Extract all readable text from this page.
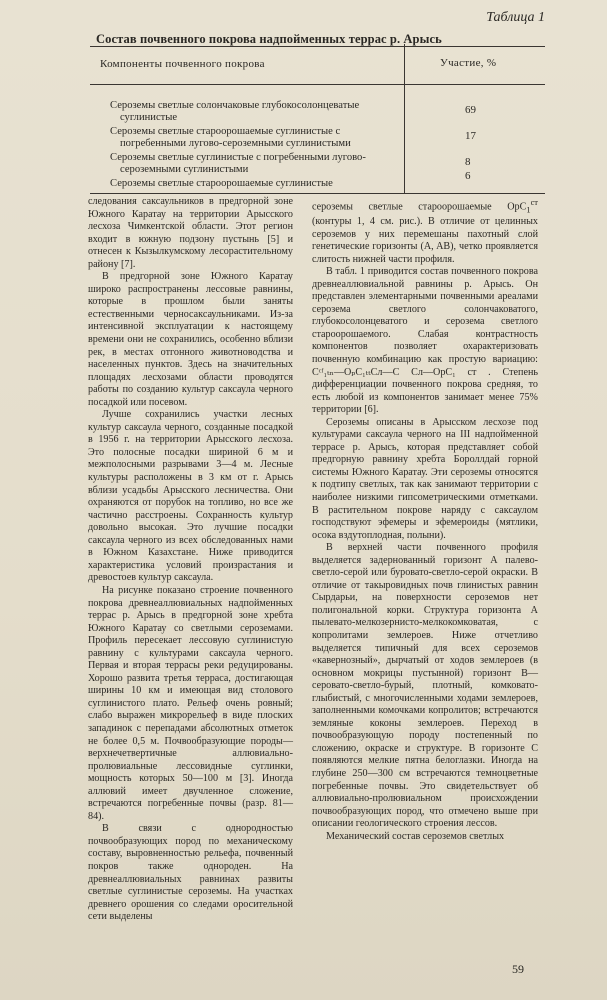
Таблица 1
Состав почвенного покрова надпойменных террас р. Арысь
Компоненты почвенного покрова	Участие, %
Сероземы светлые солончаковые глубокосолонцеватые суглинистые
69
Сероземы светлые староорошаемые суглинистые с погребенными лугово-сероземными суглинистыми
17
Сероземы светлые суглинистые с погребенными лугово-сероземными суглинистыми
8
Сероземы светлые староорошаемые суглинистые
6

следования саксаульников в предгорной зоне Южного Каратау на территории Арысского лесхоза Чимкентской области. Этот регион входит в южную подзону пустынь [5] и отнесен к Кызылкумскому лесорастительному району [7].

В предгорной зоне Южного Каратау широко распространены лессовые равнины, которые в прошлом были заняты естественными черносаксаульниками. Из-за интенсивной эксплуатации к настоящему времени они не сохранились, особенно вблизи рек, в местах отгонного животноводства и населенных пунктов. Здесь на значительных площадях лесхозами области проводятся работы по созданию культур саксаула черного посадкой или посевом.

Лучше сохранились участки лесных культур саксаула черного, созданные посадкой в 1956 г. на территории Арысского лесхоза. Это полосные посадки шириной 6 м и межполосными разрывами 3—4 м. Лесные культуры расположены в 3 км от г. Арысь вблизи усадьбы Арысского лесничества. Они охраняются от порубок на топливо, но все же частично расстроены. Сохранность культур довольно высокая. Это лучшие посадки саксаула черного из всех обследованных нами в Южном Казахстане. Ниже приводится характеристика условий произрастания и древостоев культур саксаула.

На рисунке показано строение почвенного покрова древнеаллювиальных надпойменных террас р. Арысь в предгорной зоне хребта Южного Каратау со светлыми сероземами. Профиль пересекает лессовую суглинистую равнину с культурами саксаула черного. Первая и вторая террасы реки редуцированы. Хорошо развита третья терраса, достигающая ширины 10 км и имеющая вид столового суглинистого плато. Рельеф очень ровный; слабо выражен микрорельеф в виде плоских западинок с перепадами абсолютных отметок не более 0,5 м. Почвообразующие породы—верхнечетвертичные аллювиально-пролювиальные лессовидные суглинки, мощность которых 50—100 м [3]. Иногда аллювий имеет двучленное сложение, встречаются погребенные почвы (разр. 81—84).

В связи с однородностью почвообразующих пород по механическому составу, выровненностью рельефа, почвенный покров также однороден. На древнеаллювиальных равнинах развиты светлые суглинистые сероземы. На участках древнего орошения со следами оросительной сети выделены

сероземы светлые староорошаемые OpC$_1^{ст}$ (контуры 1, 4 см. рис.). В отличие от целинных сероземов у них перемешаны пахотный слой генетические горизонты (A, AB), четко проявляется слитость нижней части профиля.

В табл. 1 приводится состав почвенного покрова древнеаллювиальной равнины р. Арысь. Он представлен элементарными почвенными ареалами серозема светлого солончаковатого, глубокосолонцеватого и серозема светлого староорошаемого. Слабая контрастность компонентов позволяет охарактеризовать почвенную комбинацию как простую вариацию: Cᶜᶠ₁ₜₙ—OₚC₁ₜₜCл—C Cл—OpC₁ ст . Степень дифференциации почвенного покрова средняя, то есть любой из компонентов занимает менее 75% территории [6].

Сероземы описаны в Арысском лесхозе под культурами саксаула черного на III надпойменной террасе р. Арысь, которая представляет собой предгорную равнину хребта Бороллдай горной системы Южного Каратау. Эти сероземы относятся к подтипу светлых, так как занимают территории с наиболее низкими гипсометрическими отметками. В растительном покрове наряду с саксаулом господствуют эфемеры и эфемероиды (мятлики, осока вздутоплодная, полыни).

В верхней части почвенного профиля выделяется задернованный горизонт A палево-светло-серой или буровато-светло-серой окраски. В отличие от такыровидных почв глинистых равнин Сырдарьи, на поверхности сероземов нет полигональной корки. Структура горизонта A пылевато-мелкозернисто-мелкокомковатая, с копролитами землероев. Ниже отчетливо выделяется типичный для всех сероземов «кавернозный», дырчатый от ходов землероев (в основном мокрицы пустынной) горизонт B—серовато-светло-бурый, плотный, комковато-глыбистый, с многочисленными ходами землероев, заполненными комочками копролитов; встречаются земляные коконы землероев. Переход в почвообразующую породу постепенный по сложению, окраске и структуре. В горизонте C появляются мелкие пятна белоглазки. Иногда на глубине 250—300 см встречаются темноцветные погребенные почвы. Это свидетельствует об аллювиально-пролювиальном происхождении почвообразующих пород, что отмечено выше при описании геологического строения лессов.

Механический состав сероземов светлых

59
